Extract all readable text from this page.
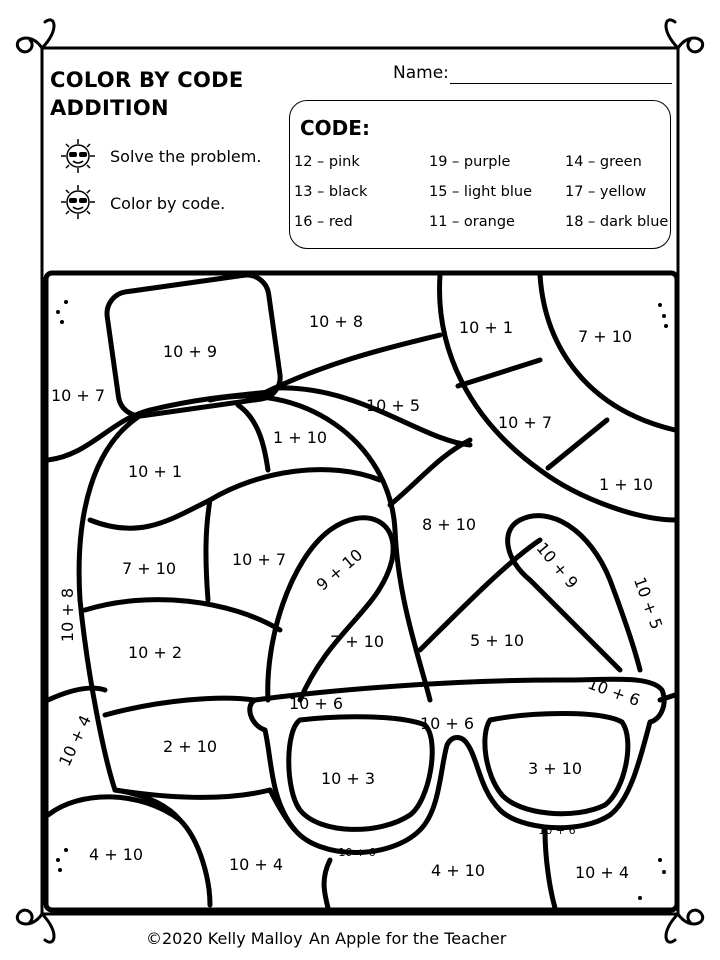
COLOR BY CODE
ADDITION
Solve the problem.
Color by code.
Name:
CODE:
12 – pink	19 – purple	14 – green
13 – black	15 – light blue 17 – yellow
16 – red	11 – orange	18 – dark blue
10 + 9
10 + 8	10 + 1	7 + 10
10 + 7
10 + 5
1 + 10
10 + 7
10 + 1
1 + 10
8 + 10
7 + 10	10 + 7 9 + 10	10 + 9
10 + 5
10 + 8	7 + 10	5 + 10
10 + 2
10 + 6
10 + 6
10 + 6
10 + 4	2 + 10
10 + 3
3 + 10
10 + 6
10 + 6
4 + 10
10 + 4	4 + 10	10 + 4
©2020 Kelly Malloy An Apple for the Teacher
